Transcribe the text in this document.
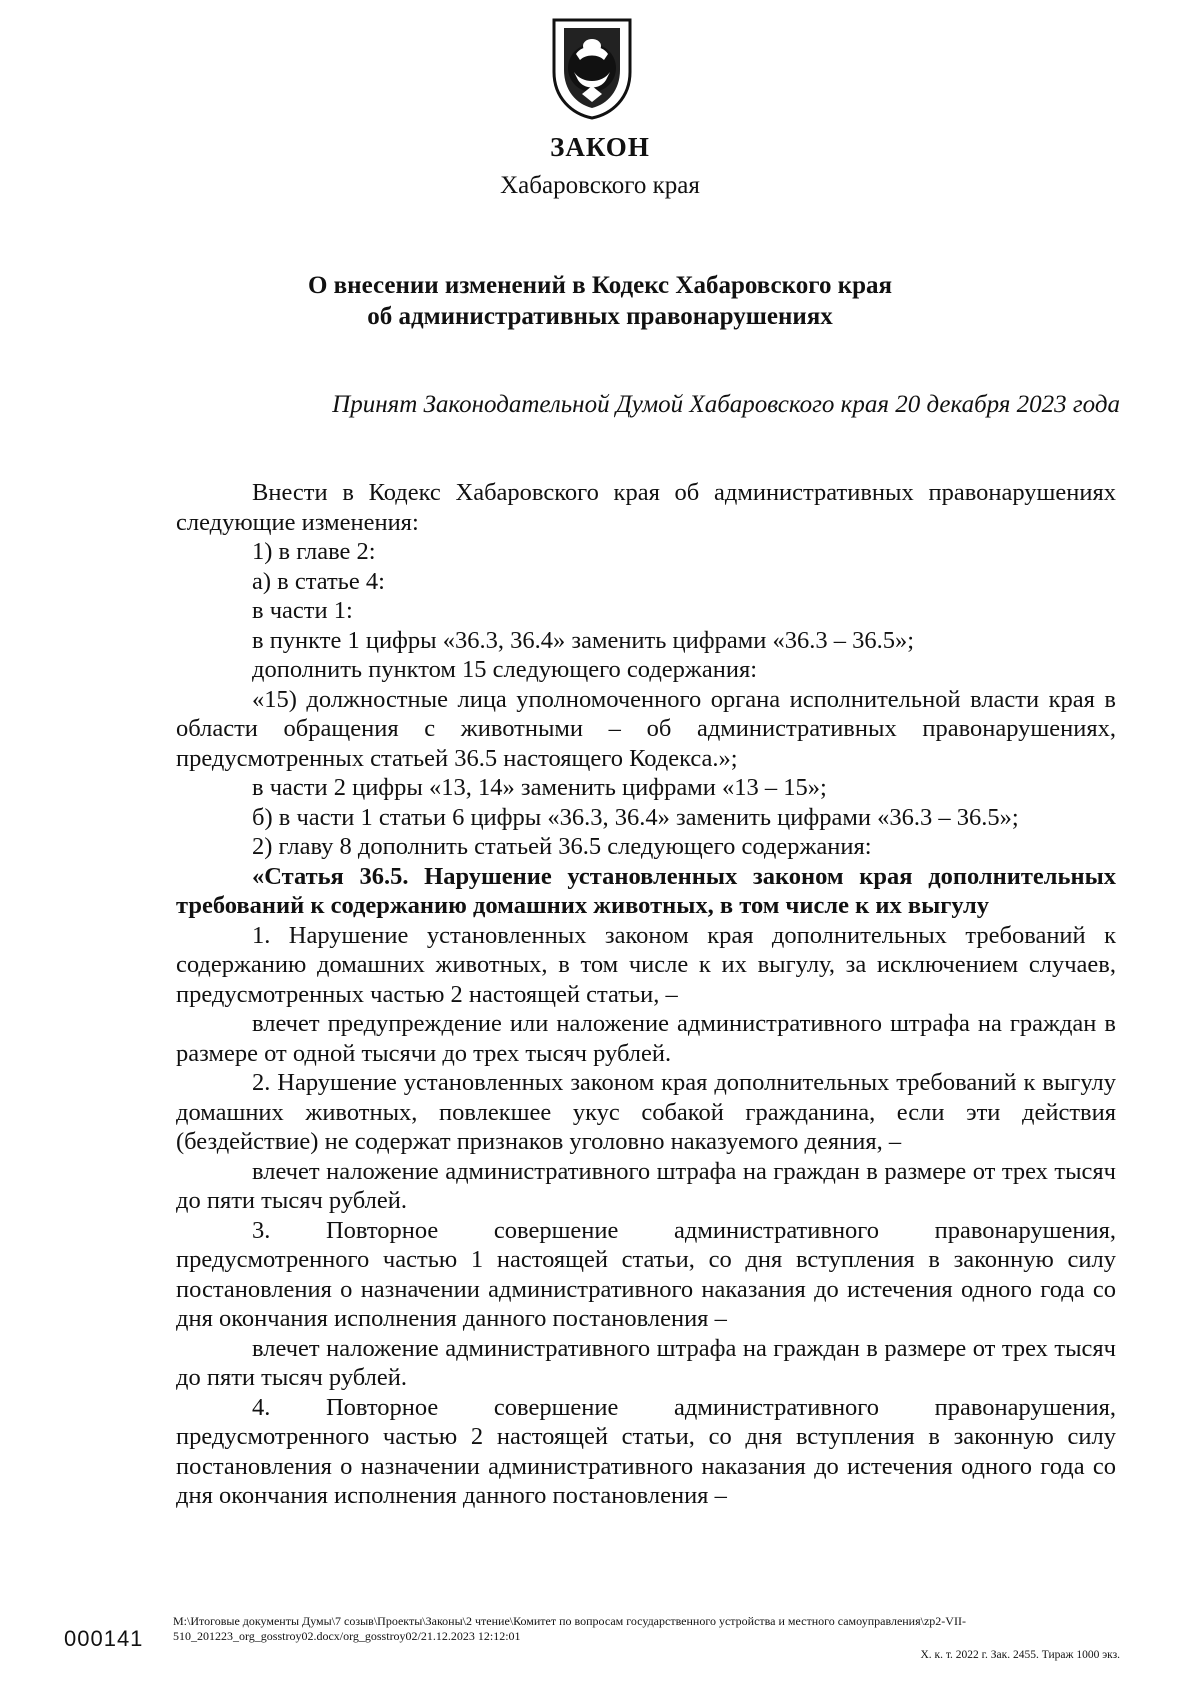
ЗАКОН
Хабаровского края
О внесении изменений в Кодекс Хабаровского края
об административных правонарушениях
Принят Законодательной Думой Хабаровского края 20 декабря 2023 года

Внести в Кодекс Хабаровского края об административных правонарушениях следующие изменения:

1) в главе 2:

а) в статье 4:

в части 1:

в пункте 1 цифры «36.3, 36.4» заменить цифрами «36.3 – 36.5»;

дополнить пунктом 15 следующего содержания:

«15) должностные лица уполномоченного органа исполнительной власти края в области обращения с животными – об административных правонарушениях, предусмотренных статьей 36.5 настоящего Кодекса.»;

в части 2 цифры «13, 14» заменить цифрами «13 – 15»;

б) в части 1 статьи 6 цифры «36.3, 36.4» заменить цифрами «36.3 – 36.5»;

2) главу 8 дополнить статьей 36.5 следующего содержания:

«Статья 36.5. Нарушение установленных законом края дополнительных требований к содержанию домашних животных, в том числе к их выгулу

1. Нарушение установленных законом края дополнительных требований к содержанию домашних животных, в том числе к их выгулу, за исключением случаев, предусмотренных частью 2 настоящей статьи, –

влечет предупреждение или наложение административного штрафа на граждан в размере от одной тысячи до трех тысяч рублей.

2. Нарушение установленных законом края дополнительных требований к выгулу домашних животных, повлекшее укус собакой гражданина, если эти действия (бездействие) не содержат признаков уголовно наказуемого деяния, –

влечет наложение административного штрафа на граждан в размере от трех тысяч до пяти тысяч рублей.

3. Повторное совершение административного правонарушения, предусмотренного частью 1 настоящей статьи, со дня вступления в законную силу постановления о назначении административного наказания до истечения одного года со дня окончания исполнения данного постановления –

влечет наложение административного штрафа на граждан в размере от трех тысяч до пяти тысяч рублей.

4. Повторное совершение административного правонарушения, предусмотренного частью 2 настоящей статьи, со дня вступления в законную силу постановления о назначении административного наказания до истечения одного года со дня окончания исполнения данного постановления –

000141
М:\Итоговые документы Думы\7 созыв\Проекты\Законы\2 чтение\Комитет по вопросам государственного устройства и местного самоуправления\zp2-VII-510_201223_org_gosstroy02.docx/org_gosstroy02/21.12.2023 12:12:01
Х. к. т. 2022 г. Зак. 2455. Тираж 1000 экз.
